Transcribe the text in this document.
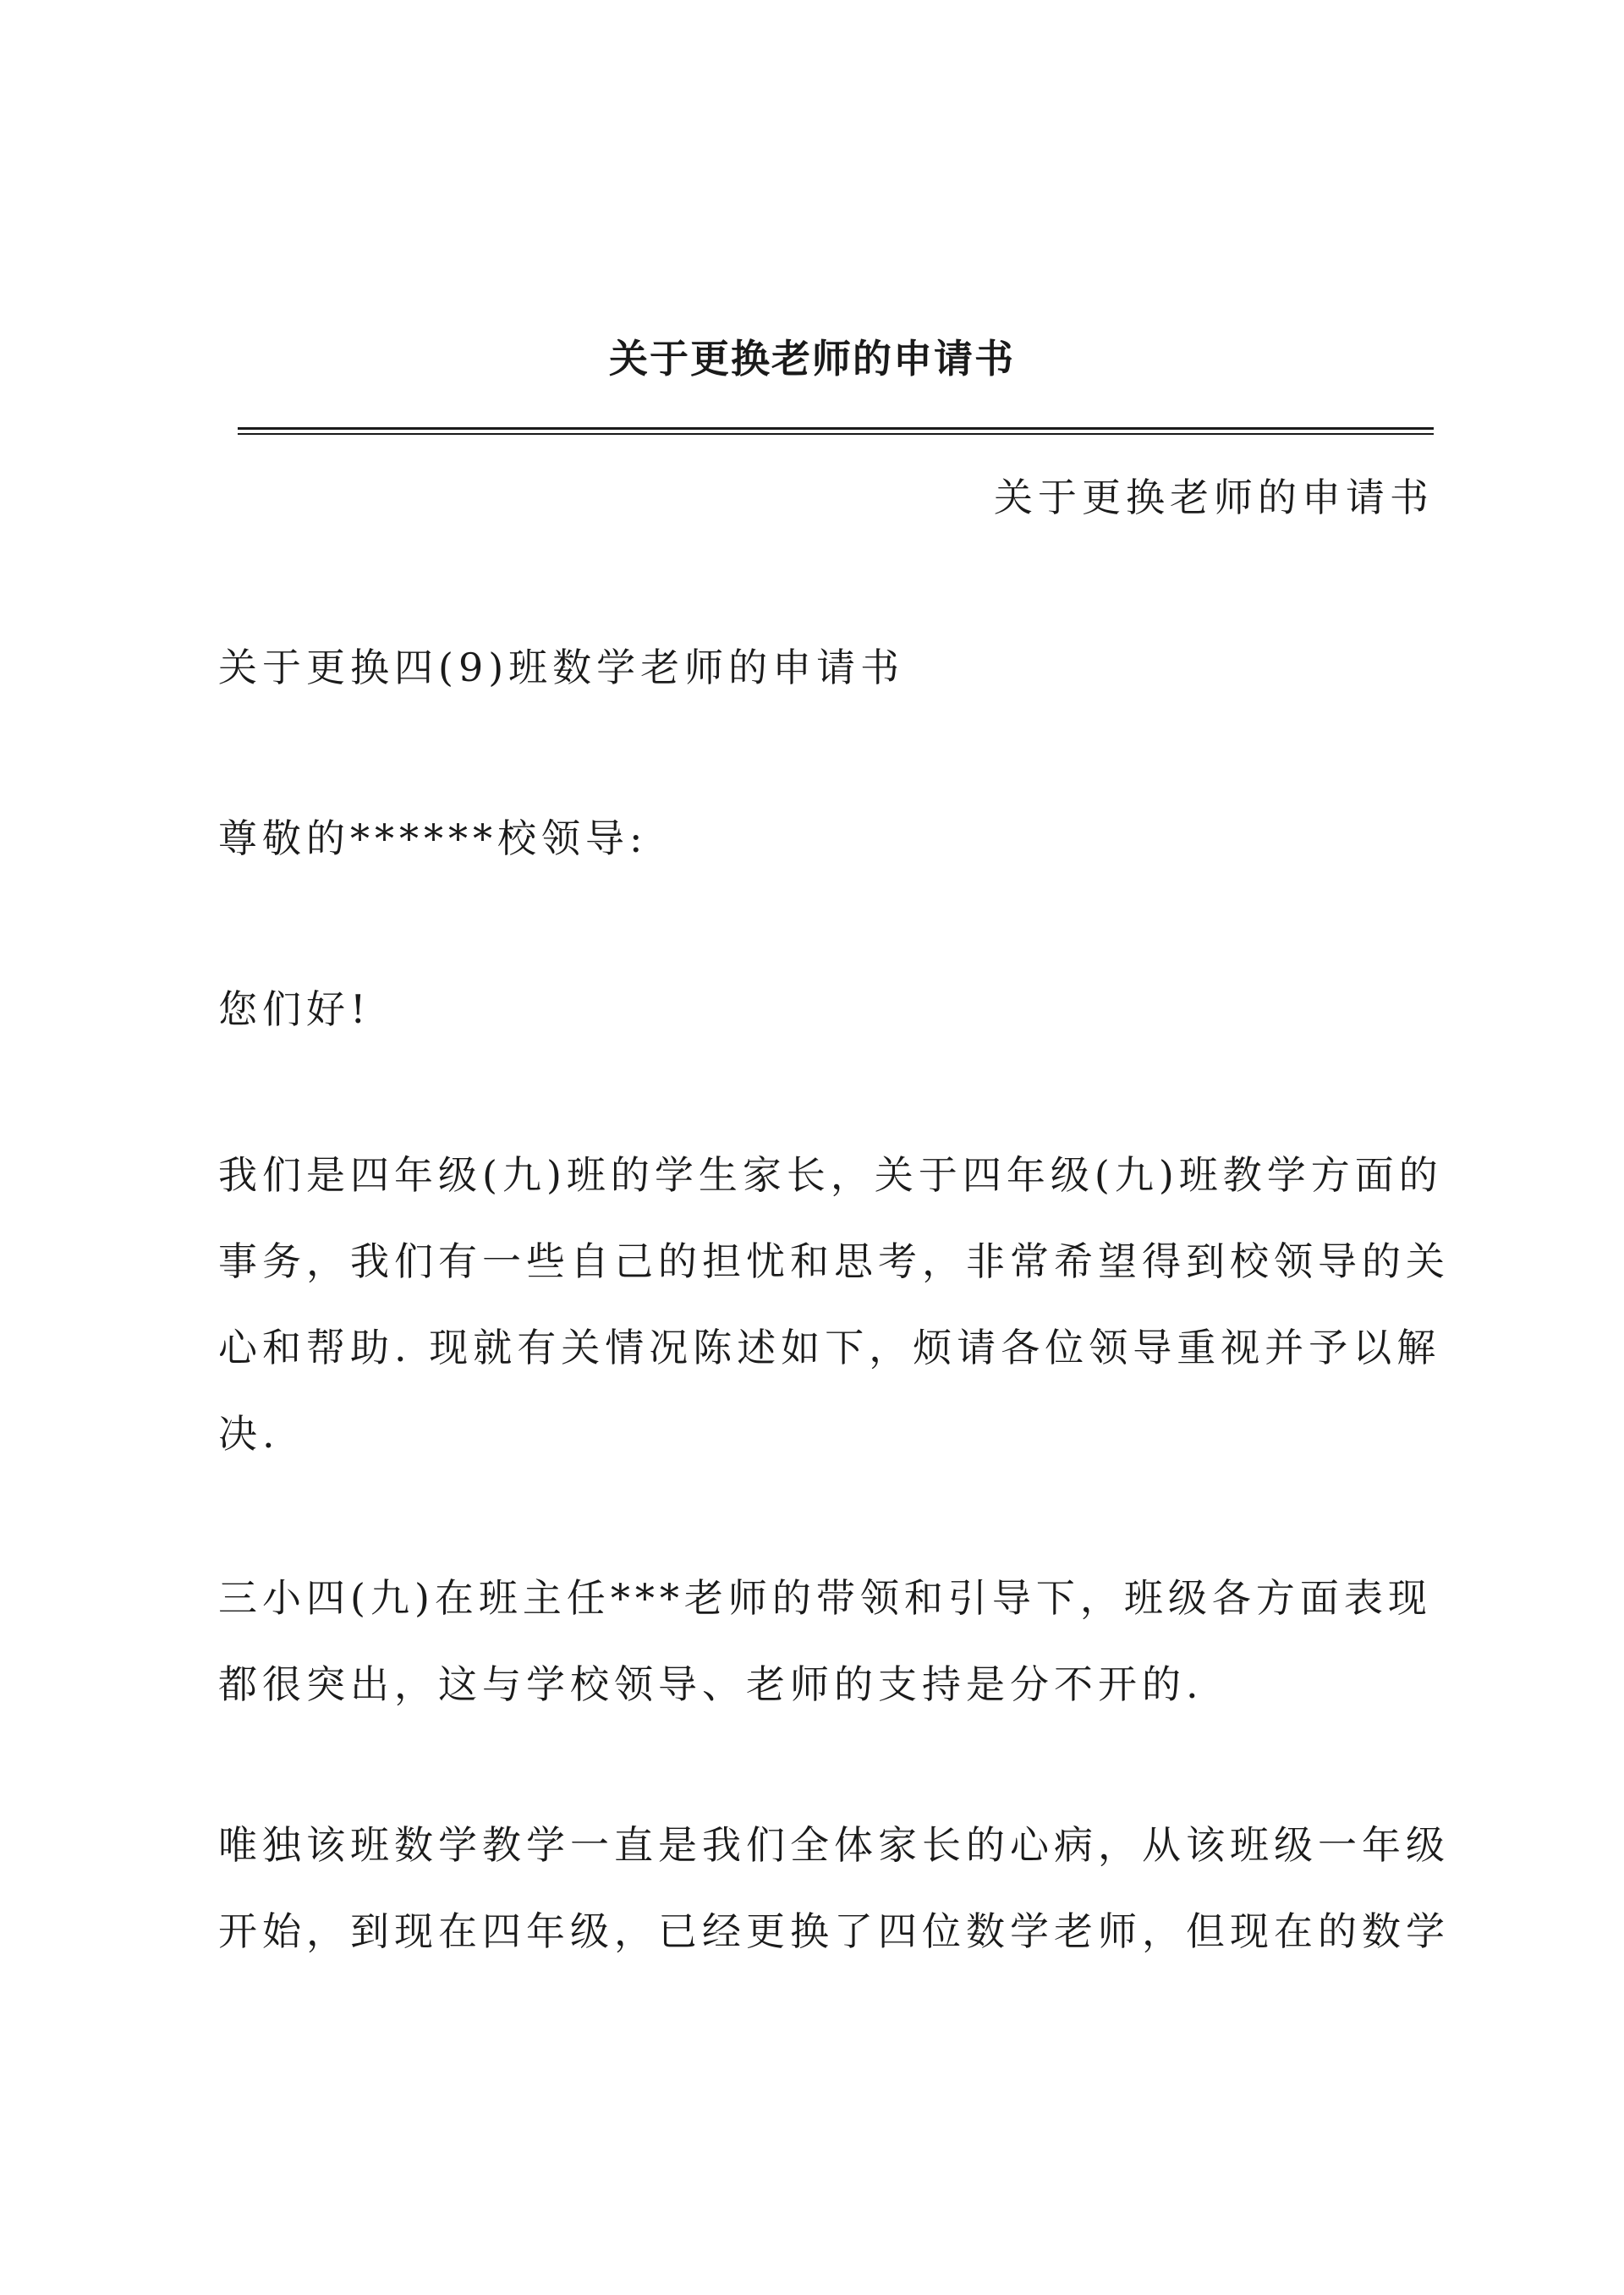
关于更换老师的申请书
关于更换老师的申请书

关于更换四(9)班数学老师的申请书

尊敬的******校领导:

您们好!

我们是四年级(九)班的学生家长，关于四年级(九)班教学方面的
事务，我们有一些自己的担忧和思考，非常希望得到校领导的关
心和帮助. 现就有关情况陈述如下，烦请各位领导重视并予以解
决.

三小四(九)在班主任***老师的带领和引导下，班级各方面表现
都很突出，这与学校领导、老师的支持是分不开的.

唯独该班数学教学一直是我们全体家长的心病，从该班级一年级
开始，到现在四年级，已经更换了四位数学老师，但现在的数学
